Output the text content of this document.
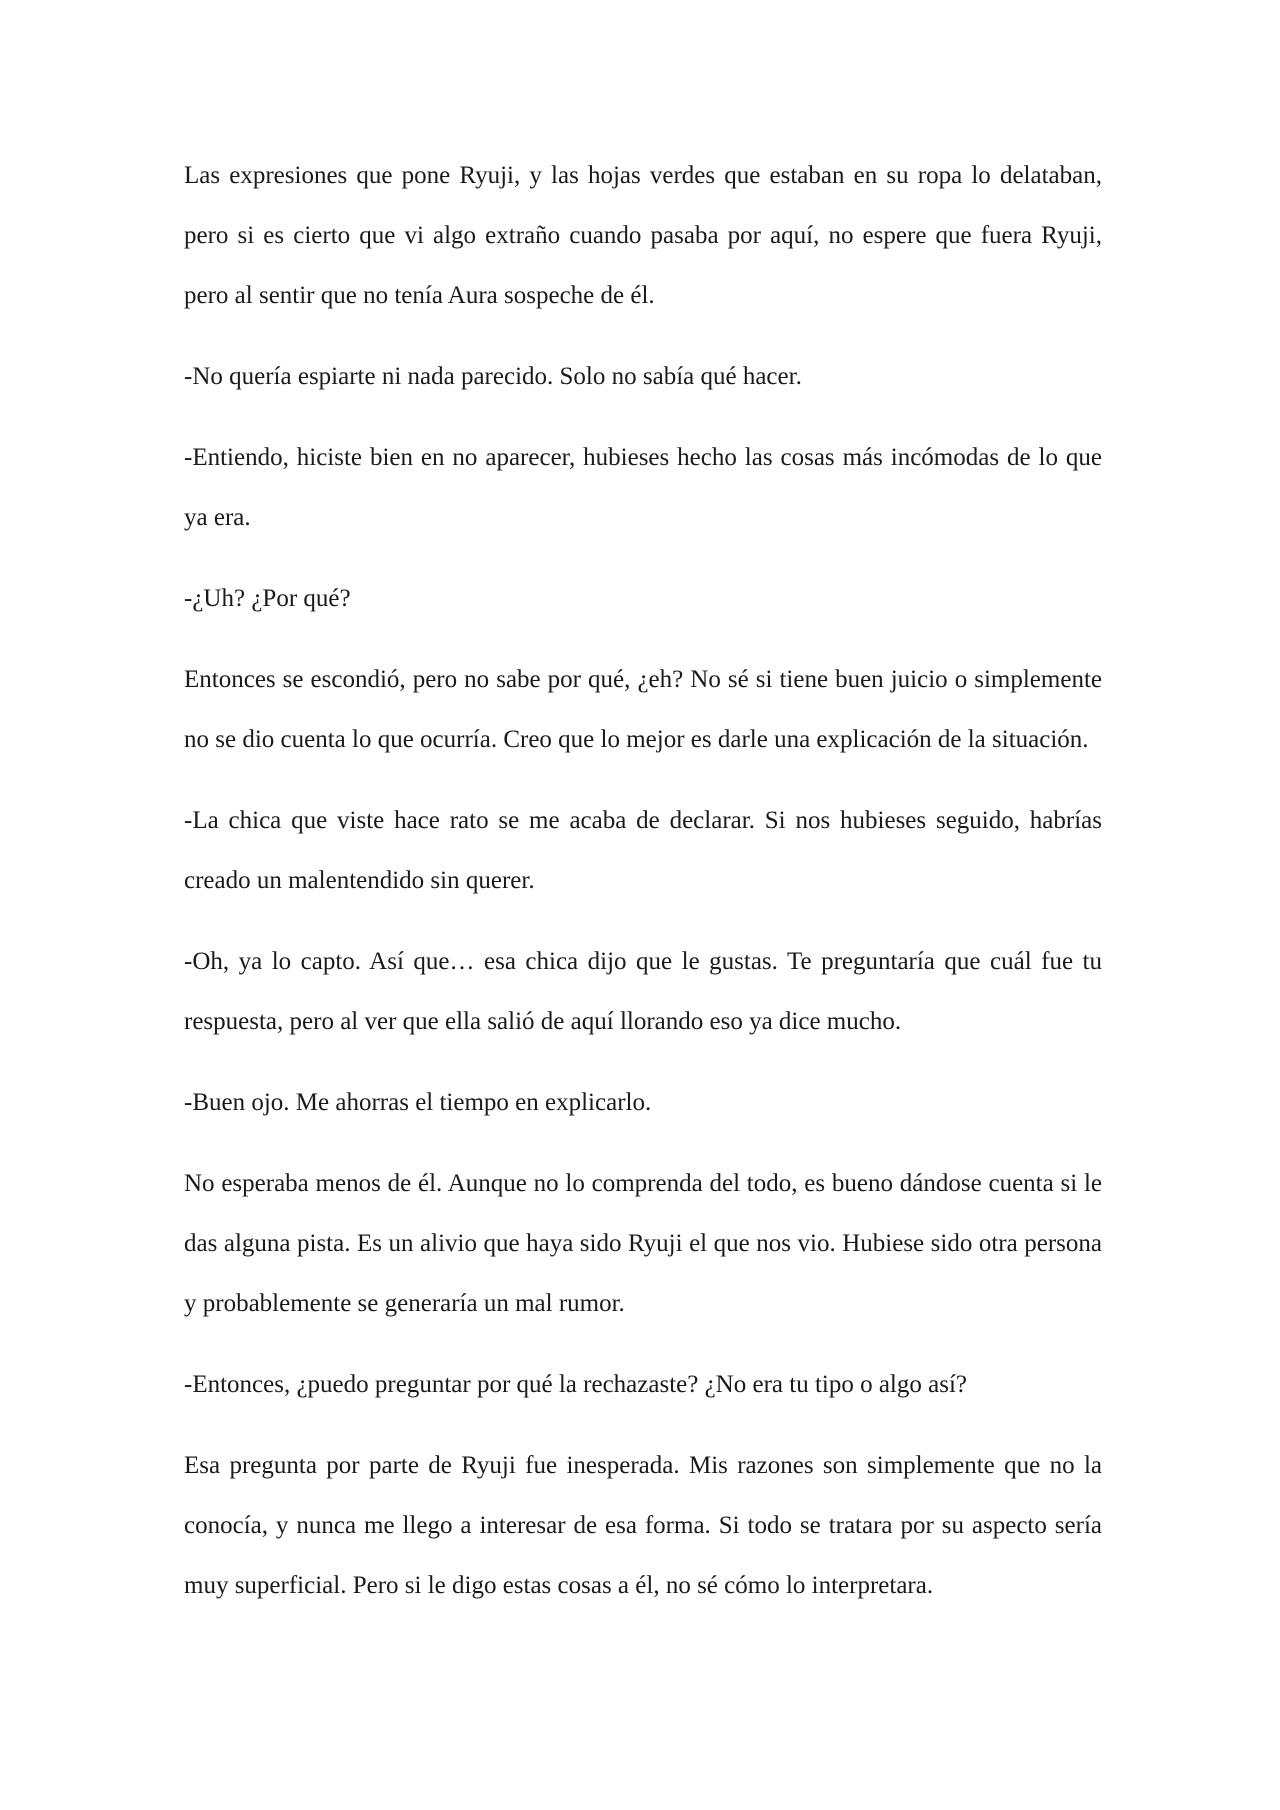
Las expresiones que pone Ryuji, y las hojas verdes que estaban en su ropa lo delataban, pero si es cierto que vi algo extraño cuando pasaba por aquí, no espere que fuera Ryuji, pero al sentir que no tenía Aura sospeche de él.

-No quería espiarte ni nada parecido. Solo no sabía qué hacer.

-Entiendo, hiciste bien en no aparecer, hubieses hecho las cosas más incómodas de lo que ya era.

-¿Uh? ¿Por qué?

Entonces se escondió, pero no sabe por qué, ¿eh? No sé si tiene buen juicio o simplemente no se dio cuenta lo que ocurría. Creo que lo mejor es darle una explicación de la situación.

-La chica que viste hace rato se me acaba de declarar. Si nos hubieses seguido, habrías creado un malentendido sin querer.

-Oh, ya lo capto. Así que… esa chica dijo que le gustas. Te preguntaría que cuál fue tu respuesta, pero al ver que ella salió de aquí llorando eso ya dice mucho.

-Buen ojo. Me ahorras el tiempo en explicarlo.

No esperaba menos de él. Aunque no lo comprenda del todo, es bueno dándose cuenta si le das alguna pista. Es un alivio que haya sido Ryuji el que nos vio. Hubiese sido otra persona y probablemente se generaría un mal rumor.

-Entonces, ¿puedo preguntar por qué la rechazaste? ¿No era tu tipo o algo así?

Esa pregunta por parte de Ryuji fue inesperada. Mis razones son simplemente que no la conocía, y nunca me llego a interesar de esa forma. Si todo se tratara por su aspecto sería muy superficial. Pero si le digo estas cosas a él, no sé cómo lo interpretara.
